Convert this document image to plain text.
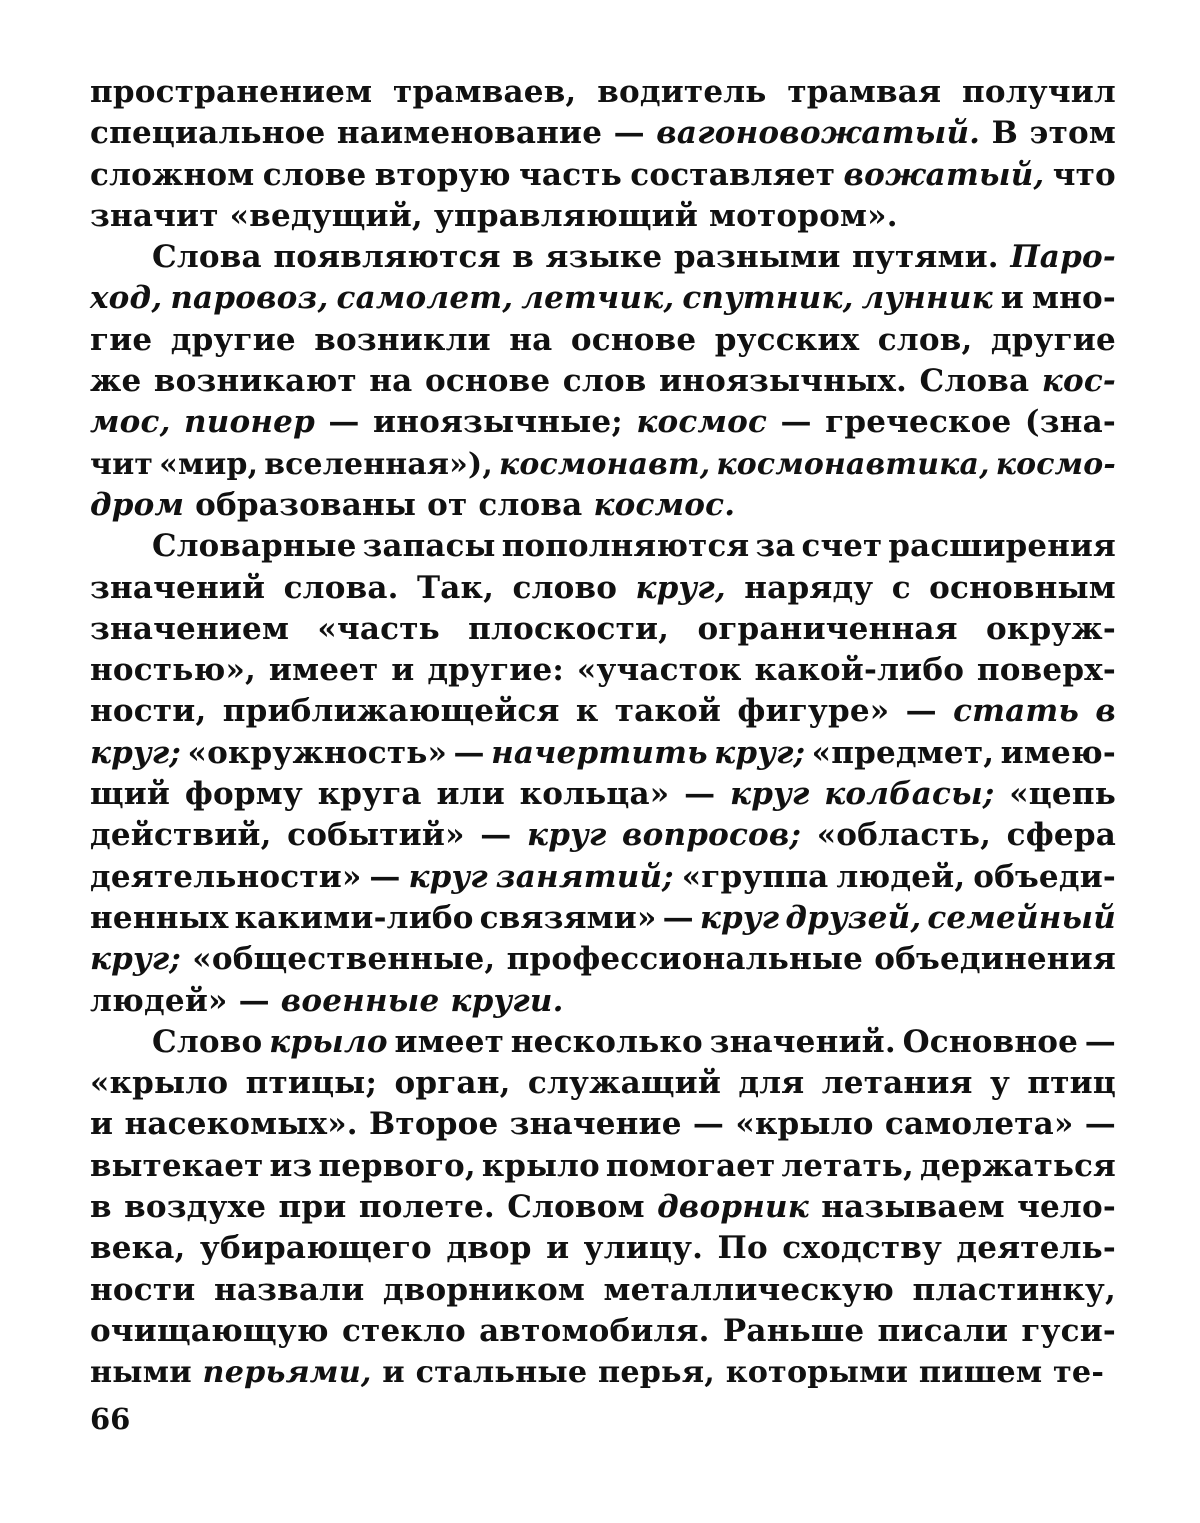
пространением трамваев, водитель трамвая получил
специальное наименование — вагоновожатый. В этом
сложном слове вторую часть составляет вожатый, что
значит «ведущий, управляющий мотором».
Слова появляются в языке разными путями. Паро-
ход, паровоз, самолет, летчик, спутник, лунник и мно-
гие другие возникли на основе русских слов, другие
же возникают на основе слов иноязычных. Слова кос-
мос, пионер — иноязычные; космос — греческое (зна-
чит «мир, вселенная»), космонавт, космонавтика, космо-
дром образованы от слова космос.
Словарные запасы пополняются за счет расширения
значений слова. Так, слово круг, наряду с основным
значением «часть плоскости, ограниченная окруж-
ностью», имеет и другие: «участок какой-либо поверх-
ности, приближающейся к такой фигуре» — стать в
круг; «окружность» — начертить круг; «предмет, имею-
щий форму круга или кольца» — круг колбасы; «цепь
действий, событий» — круг вопросов; «область, сфера
деятельности» — круг занятий; «группа людей, объеди-
ненных какими-либо связями» — круг друзей, семейный
круг; «общественные, профессиональные объединения
людей» — военные круги.
Слово крыло имеет несколько значений. Основное —
«крыло птицы; орган, служащий для летания у птиц
и насекомых». Второе значение — «крыло самолета» —
вытекает из первого, крыло помогает летать, держаться
в воздухе при полете. Словом дворник называем чело-
века, убирающего двор и улицу. По сходству деятель-
ности назвали дворником металлическую пластинку,
очищающую стекло автомобиля. Раньше писали гуси-
ными перьями, и стальные перья, которыми пишем те-
66
